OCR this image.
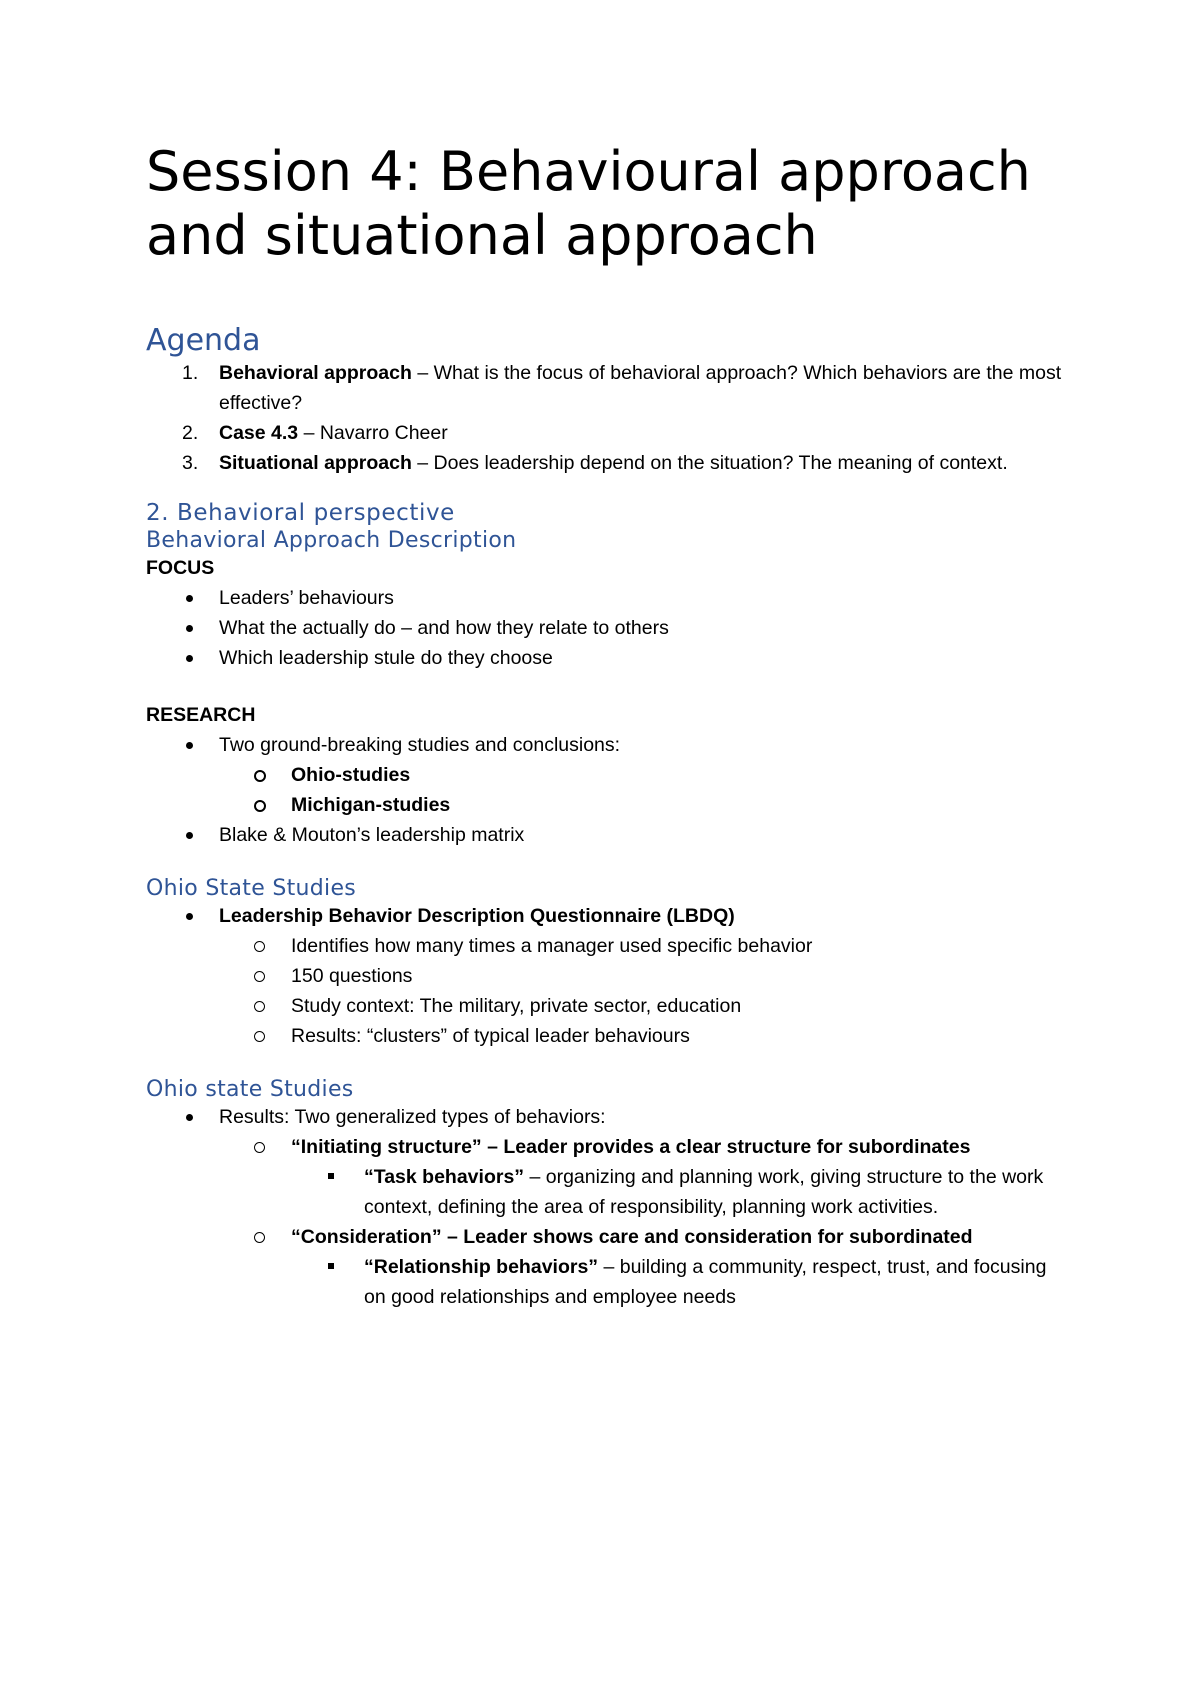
Session 4: Behavioural approach and situational approach
Agenda
1. Behavioral approach – What is the focus of behavioral approach? Which behaviors are the most effective?
2. Case 4.3 – Navarro Cheer
3. Situational approach – Does leadership depend on the situation? The meaning of context.
2. Behavioral perspective
Behavioral Approach Description

FOCUS

Leaders’ behaviours
What the actually do – and how they relate to others
Which leadership stule do they choose

RESEARCH

Two ground-breaking studies and conclusions:
Ohio-studies
Michigan-studies
Blake & Mouton’s leadership matrix
Ohio State Studies
Leadership Behavior Description Questionnaire (LBDQ)
Identifies how many times a manager used specific behavior
150 questions
Study context: The military, private sector, education
Results: “clusters” of typical leader behaviours
Ohio state Studies
Results: Two generalized types of behaviors:
“Initiating structure” – Leader provides a clear structure for subordinates
“Task behaviors” – organizing and planning work, giving structure to the work context, defining the area of responsibility, planning work activities.
“Consideration” – Leader shows care and consideration for subordinated
“Relationship behaviors” – building a community, respect, trust, and focusing on good relationships and employee needs
